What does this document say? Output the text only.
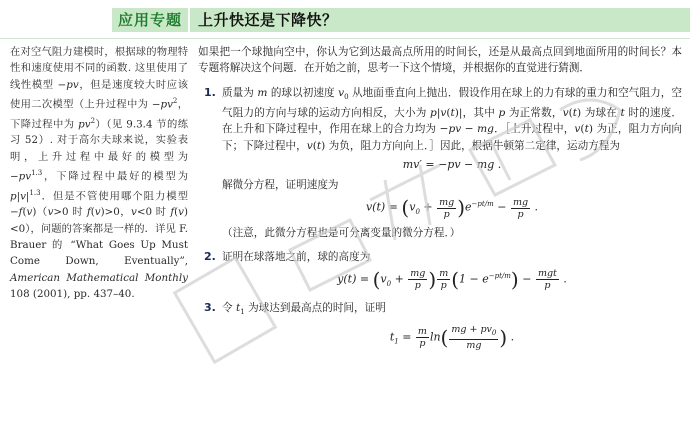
应用专题 上升快还是下降快？

在对空气阻力建模时，根据球的物理特性和速度使用不同的函数. 这里使用了线性模型 −pv，但是速度较大时应该使用二次模型（上升过程中为 $-pv^2$，下降过程中为 $pv^2$）（见 9.3.4 节的练习 52）. 对于高尔夫球来说，实验表明，上升过程中最好的模型为 $-pv^{1.3}$，下降过程中最好的模型为 $p|v|^{1.3}$．但是不管使用哪个阻力模型 −f(v)（v>0 时 f(v)>0，v<0 时 f(v)<0），问题的答案都是一样的．详见 F. Brauer 的 “What Goes Up Must Come Down, Eventually”, American Mathematical Monthly 108 (2001), pp. 437–40.

如果把一个球抛向空中，你认为它到达最高点所用的时间长，还是从最高点回到地面所用的时间长？本专题将解决这个问题．在开始之前，思考一下这个情境，并根据你的直觉进行猜测．

1. 质量为 m 的球以初速度 $v_0$ 从地面垂直向上抛出．假设作用在球上的力有球的重力和空气阻力，空气阻力的方向与球的运动方向相反，大小为 p|v(t)|，其中 p 为正常数，v(t) 为球在 t 时的速度．在上升和下降过程中，作用在球上的合力均为 −pv − mg．［上升过程中，v(t) 为正，阻力方向向下；下降过程中，v(t) 为负，阻力方向向上．］因此，根据牛顿第二定律，运动方程为

mv′ = −pv − mg .

解微分方程，证明速度为

$v(t) = (v_0 + \frac{mg}{p} )e^{-pt/m} - \frac{mg}{p}$ .

（注意，此微分方程也是可分离变量的微分方程．）

2. 证明在球落地之前，球的高度为

$y(t) = (v_0 + \frac{mg}{p}$ ) $\frac{m}{p} (1 - e^{-pt/m}) - \frac{\text{mgt}}{p}$ .

3. 令 $t_1$ 为球达到最高点的时间，证明

$t_1 = \frac{m}{p} \ln( \frac{mg + pv_0}{mg}$ ) .
